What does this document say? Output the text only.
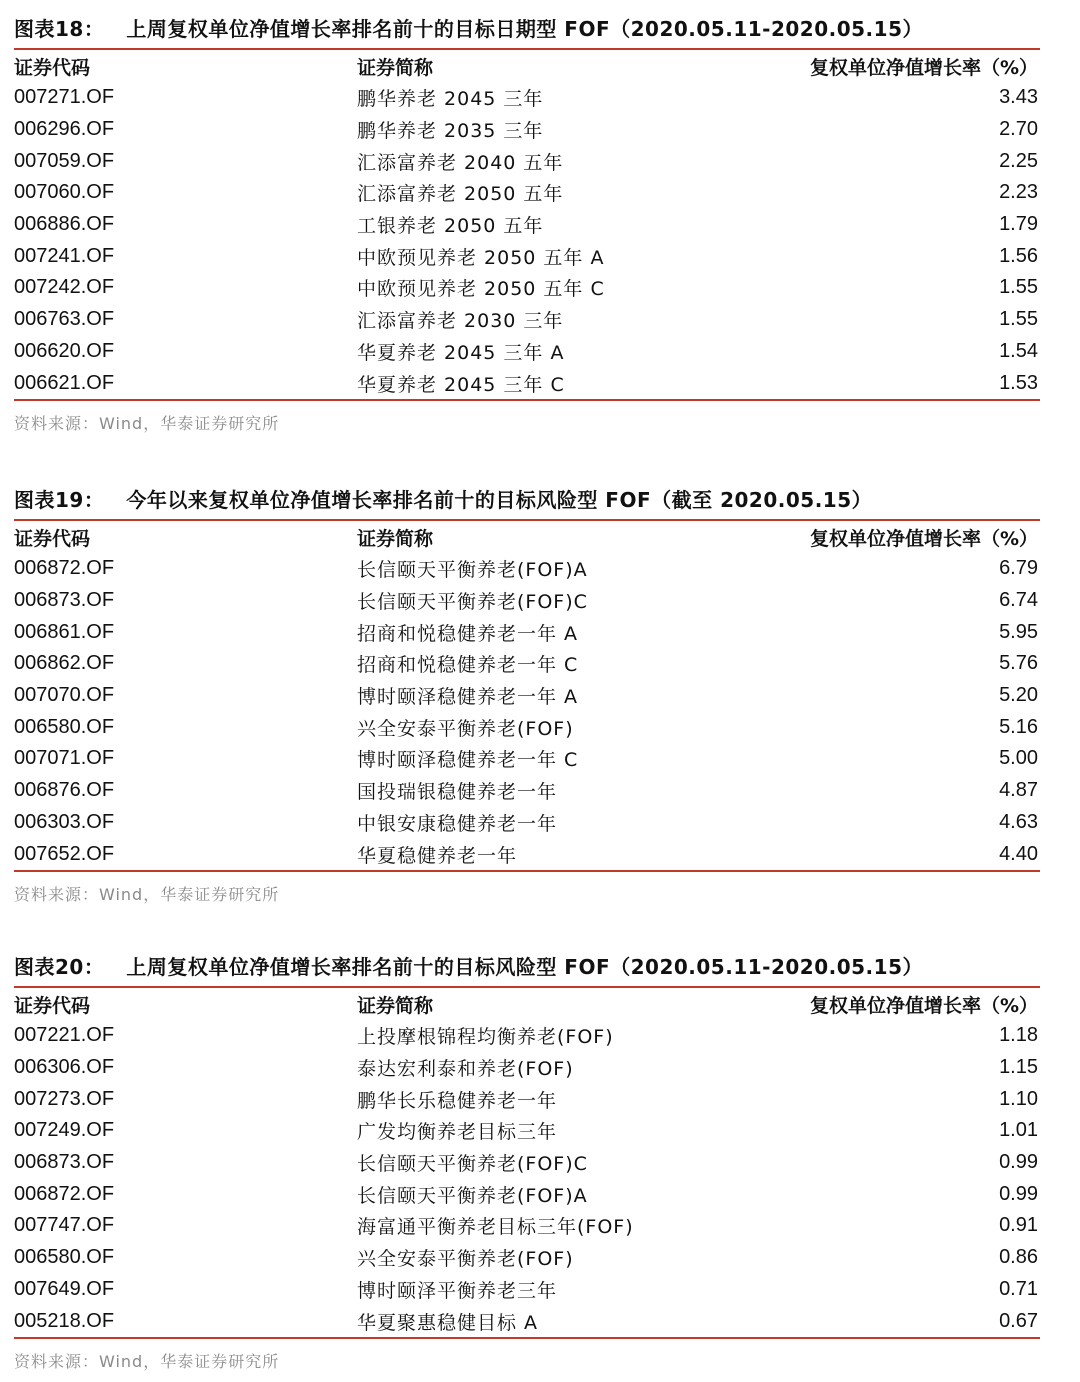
图表18： 上周复权单位净值增长率排名前十的目标日期型 FOF（2020.05.11-2020.05.15）
证券代码	证券简称	复权单位净值增长率（%）
007271.OF	鹏华养老 2045 三年	3.43
006296.OF	鹏华养老 2035 三年	2.70
007059.OF	汇添富养老 2040 五年	2.25
007060.OF	汇添富养老 2050 五年	2.23
006886.OF	工银养老 2050 五年	1.79
007241.OF	中欧预见养老 2050 五年 A	1.56
007242.OF	中欧预见养老 2050 五年 C	1.55
006763.OF	汇添富养老 2030 三年	1.55
006620.OF	华夏养老 2045 三年 A	1.54
006621.OF	华夏养老 2045 三年 C	1.53
资料来源：Wind，华泰证券研究所
图表19： 今年以来复权单位净值增长率排名前十的目标风险型 FOF（截至 2020.05.15）
证券代码	证券简称	复权单位净值增长率（%）
006872.OF	长信颐天平衡养老(FOF)A	6.79
006873.OF	长信颐天平衡养老(FOF)C	6.74
006861.OF	招商和悦稳健养老一年 A	5.95
006862.OF	招商和悦稳健养老一年 C	5.76
007070.OF	博时颐泽稳健养老一年 A	5.20
006580.OF	兴全安泰平衡养老(FOF)	5.16
007071.OF	博时颐泽稳健养老一年 C	5.00
006876.OF	国投瑞银稳健养老一年	4.87
006303.OF	中银安康稳健养老一年	4.63
007652.OF	华夏稳健养老一年	4.40
资料来源：Wind，华泰证券研究所
图表20： 上周复权单位净值增长率排名前十的目标风险型 FOF（2020.05.11-2020.05.15）
证券代码	证券简称	复权单位净值增长率（%）
007221.OF	上投摩根锦程均衡养老(FOF)	1.18
006306.OF	泰达宏利泰和养老(FOF)	1.15
007273.OF	鹏华长乐稳健养老一年	1.10
007249.OF	广发均衡养老目标三年	1.01
006873.OF	长信颐天平衡养老(FOF)C	0.99
006872.OF	长信颐天平衡养老(FOF)A	0.99
007747.OF	海富通平衡养老目标三年(FOF)	0.91
006580.OF	兴全安泰平衡养老(FOF)	0.86
007649.OF	博时颐泽平衡养老三年	0.71
005218.OF	华夏聚惠稳健目标 A	0.67
资料来源：Wind，华泰证券研究所
